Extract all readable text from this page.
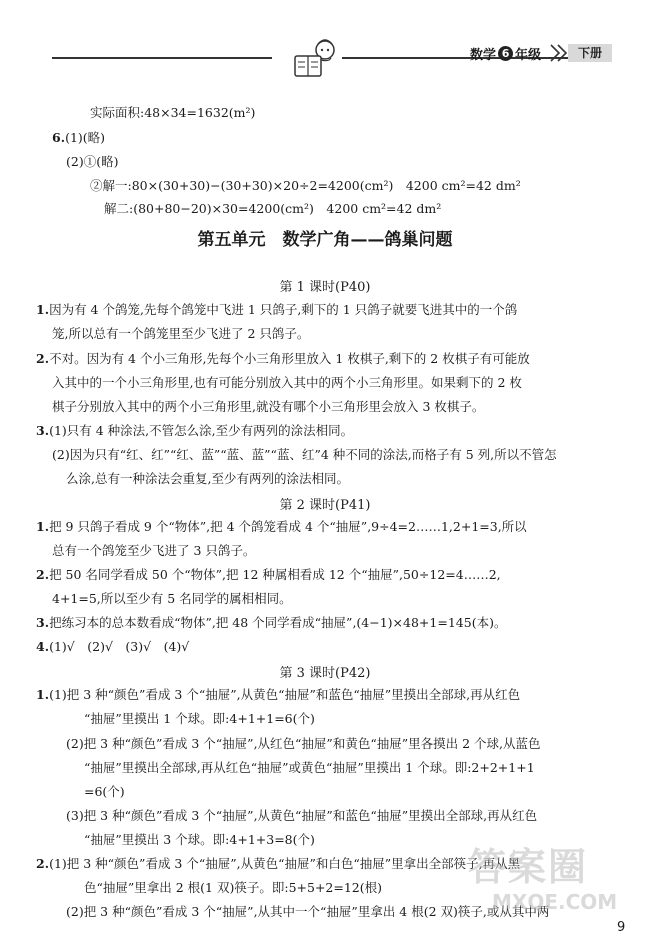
数学 6 年级	下册
实际面积:48×34=1632(m²)
6.(1)(略)
(2)①(略)
②解一:80×(30+30)−(30+30)×20÷2=4200(cm²)　4200 cm²=42 dm²
解二:(80+80−20)×30=4200(cm²)　4200 cm²=42 dm²
第五单元　数学广角——鸽巢问题
第 1 课时(P40)
1.因为有 4 个鸽笼,先每个鸽笼中飞进 1 只鸽子,剩下的 1 只鸽子就要飞进其中的一个鸽
笼,所以总有一个鸽笼里至少飞进了 2 只鸽子。
2.不对。因为有 4 个小三角形,先每个小三角形里放入 1 枚棋子,剩下的 2 枚棋子有可能放
入其中的一个小三角形里,也有可能分别放入其中的两个小三角形里。如果剩下的 2 枚
棋子分别放入其中的两个小三角形里,就没有哪个小三角形里会放入 3 枚棋子。
3.(1)只有 4 种涂法,不管怎么涂,至少有两列的涂法相同。
(2)因为只有“红、红”“红、蓝”“蓝、蓝”“蓝、红”4 种不同的涂法,而格子有 5 列,所以不管怎
么涂,总有一种涂法会重复,至少有两列的涂法相同。
第 2 课时(P41)
1.把 9 只鸽子看成 9 个“物体”,把 4 个鸽笼看成 4 个“抽屉”,9÷4=2……1,2+1=3,所以
总有一个鸽笼至少飞进了 3 只鸽子。
2.把 50 名同学看成 50 个“物体”,把 12 种属相看成 12 个“抽屉”,50÷12=4……2,
4+1=5,所以至少有 5 名同学的属相相同。
3.把练习本的总本数看成“物体”,把 48 个同学看成“抽屉”,(4−1)×48+1=145(本)。
4.(1)√　(2)√　(3)√　(4)√
第 3 课时(P42)
1.(1)把 3 种“颜色”看成 3 个“抽屉”,从黄色“抽屉”和蓝色“抽屉”里摸出全部球,再从红色
“抽屉”里摸出 1 个球。即:4+1+1=6(个)
(2)把 3 种“颜色”看成 3 个“抽屉”,从红色“抽屉”和黄色“抽屉”里各摸出 2 个球,从蓝色
“抽屉”里摸出全部球,再从红色“抽屉”或黄色“抽屉”里摸出 1 个球。即:2+2+1+1
=6(个)
(3)把 3 种“颜色”看成 3 个“抽屉”,从黄色“抽屉”和蓝色“抽屉”里摸出全部球,再从红色
“抽屉”里摸出 3 个球。即:4+1+3=8(个)
2.(1)把 3 种“颜色”看成 3 个“抽屉”,从黄色“抽屉”和白色“抽屉”里拿出全部筷子,再从黑
色“抽屉”里拿出 2 根(1 双)筷子。即:5+5+2=12(根)
(2)把 3 种“颜色”看成 3 个“抽屉”,从其中一个“抽屉”里拿出 4 根(2 双)筷子,或从其中两
答案圈
MXQE.COM
9
